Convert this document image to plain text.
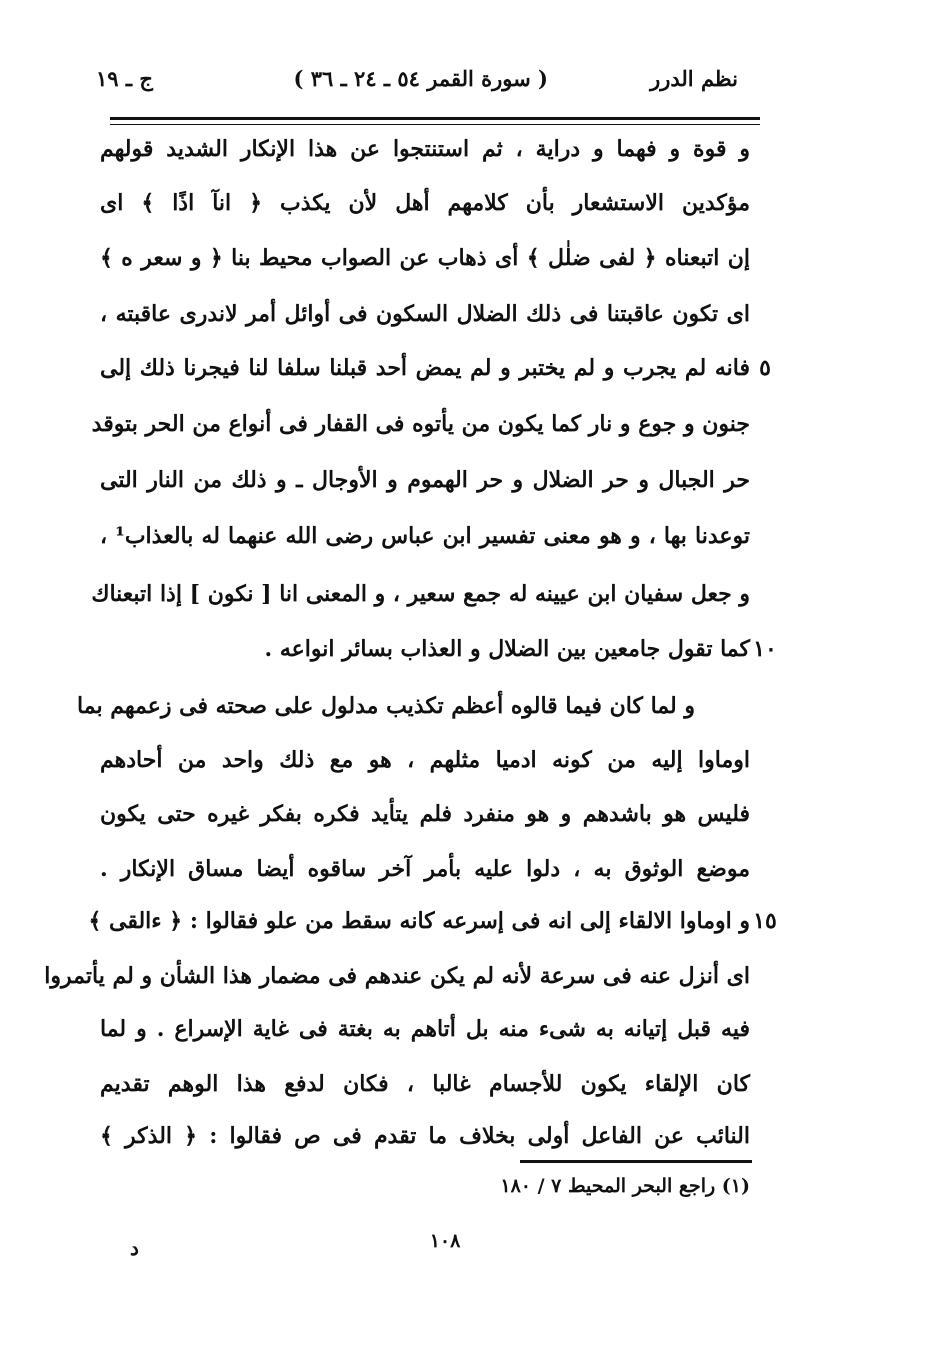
نظم الدرر
( سورة القمر ٥٤ ـ ٢٤ ـ ٣٦ )
ج ـ ١٩
و قوة و فهما و دراية ، ثم استنتجوا عن هذا الإنكار الشديد قولهم
مؤكدين الاستشعار بأن كلامهم أهل لأن يكذب ﴿ انآ اذًا ﴾ اى
إن اتبعناه ﴿ لفى ضلٰل ﴾ أى ذهاب عن الصواب محيط بنا ﴿ و سعر ه ﴾
اى تكون عاقبتنا فى ذلك الضلال السكون فى أوائل أمر لاندرى عاقبته ،
٥
فانه لم يجرب و لم يختبر و لم يمض أحد قبلنا سلفا لنا فيجرنا ذلك إلى
جنون و جوع و نار كما يكون من يأتوه فى القفار فى أنواع من الحر بتوقد
حر الجبال و حر الضلال و حر الهموم و الأوجال ـ و ذلك من النار التى
توعدنا بها ، و هو معنى تفسير ابن عباس رضى الله عنهما له بالعذاب¹ ،
و جعل سفيان ابن عيينه له جمع سعير ، و المعنى انا [ نكون ] إذا اتبعناك
١٠
كما تقول جامعين بين الضلال و العذاب بسائر انواعه .
و لما كان فيما قالوه أعظم تكذيب مدلول على صحته فى زعمهم بما
اوماوا إليه من كونه ادميا مثلهم ، هو مع ذلك واحد من أحادهم
فليس هو باشدهم و هو منفرد فلم يتأيد فكره بفكر غيره حتى يكون
موضع الوثوق به ، دلوا عليه بأمر آخر ساقوه أيضا مساق الإنكار .
١٥
و اوماوا الالقاء إلى انه فى إسرعه كانه سقط من علو فقالوا : ﴿ ءالقى ﴾
اى أنزل عنه فى سرعة لأنه لم يكن عندهم فى مضمار هذا الشأن و لم يأتمروا
فيه قبل إتيانه به شىء منه بل أتاهم به بغتة فى غاية الإسراع . و لما
كان الإلقاء يكون للأجسام غالبا ، فكان لدفع هذا الوهم تقديم
النائب عن الفاعل أولى بخلاف ما تقدم فى ص فقالوا : ﴿ الذكر ﴾
(١) راجع البحر المحيط ٧ / ١٨٠
١٠٨
د
